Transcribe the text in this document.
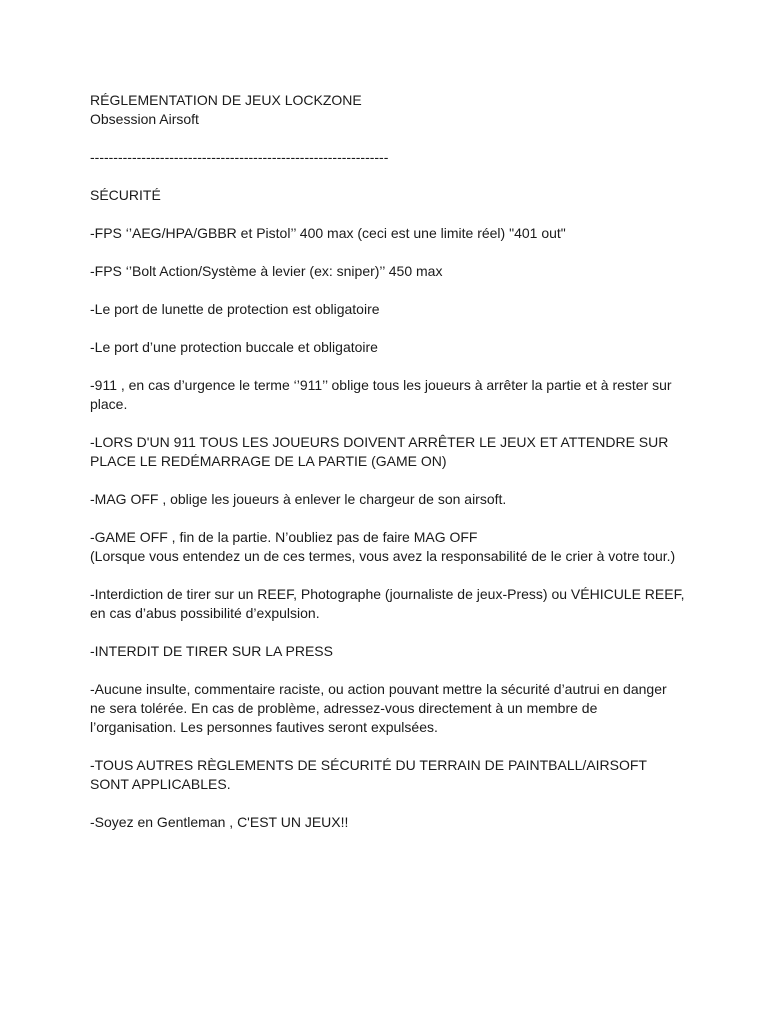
RÉGLEMENTATION DE JEUX LOCKZONE

Obsession Airsoft

----------------------------------------------------------------

SÉCURITÉ

-FPS ‘’AEG/HPA/GBBR et Pistol’’ 400 max (ceci est une limite réel) "401 out"

-FPS ‘’Bolt Action/Système à levier (ex: sniper)’’ 450 max

-Le port de lunette de protection est obligatoire

-Le port d’une protection buccale et obligatoire

-911 , en cas d’urgence le terme ‘’911’’ oblige tous les joueurs à arrêter la partie et à rester sur

place.

-LORS D'UN 911 TOUS LES JOUEURS DOIVENT ARRÊTER LE JEUX ET ATTENDRE SUR

PLACE LE REDÉMARRAGE DE LA PARTIE (GAME ON)

-MAG OFF , oblige les joueurs à enlever le chargeur de son airsoft.

-GAME OFF , fin de la partie. N’oubliez pas de faire MAG OFF

(Lorsque vous entendez un de ces termes, vous avez la responsabilité de le crier à votre tour.)

-Interdiction de tirer sur un REEF, Photographe (journaliste de jeux-Press) ou VÉHICULE REEF,

en cas d’abus possibilité d’expulsion.

-INTERDIT DE TIRER SUR LA PRESS

-Aucune insulte, commentaire raciste, ou action pouvant mettre la sécurité d’autrui en danger

ne sera tolérée. En cas de problème, adressez-vous directement à un membre de

l’organisation. Les personnes fautives seront expulsées.

-TOUS AUTRES RÈGLEMENTS DE SÉCURITÉ DU TERRAIN DE PAINTBALL/AIRSOFT

SONT APPLICABLES.

-Soyez en Gentleman , C'EST UN JEUX!!
